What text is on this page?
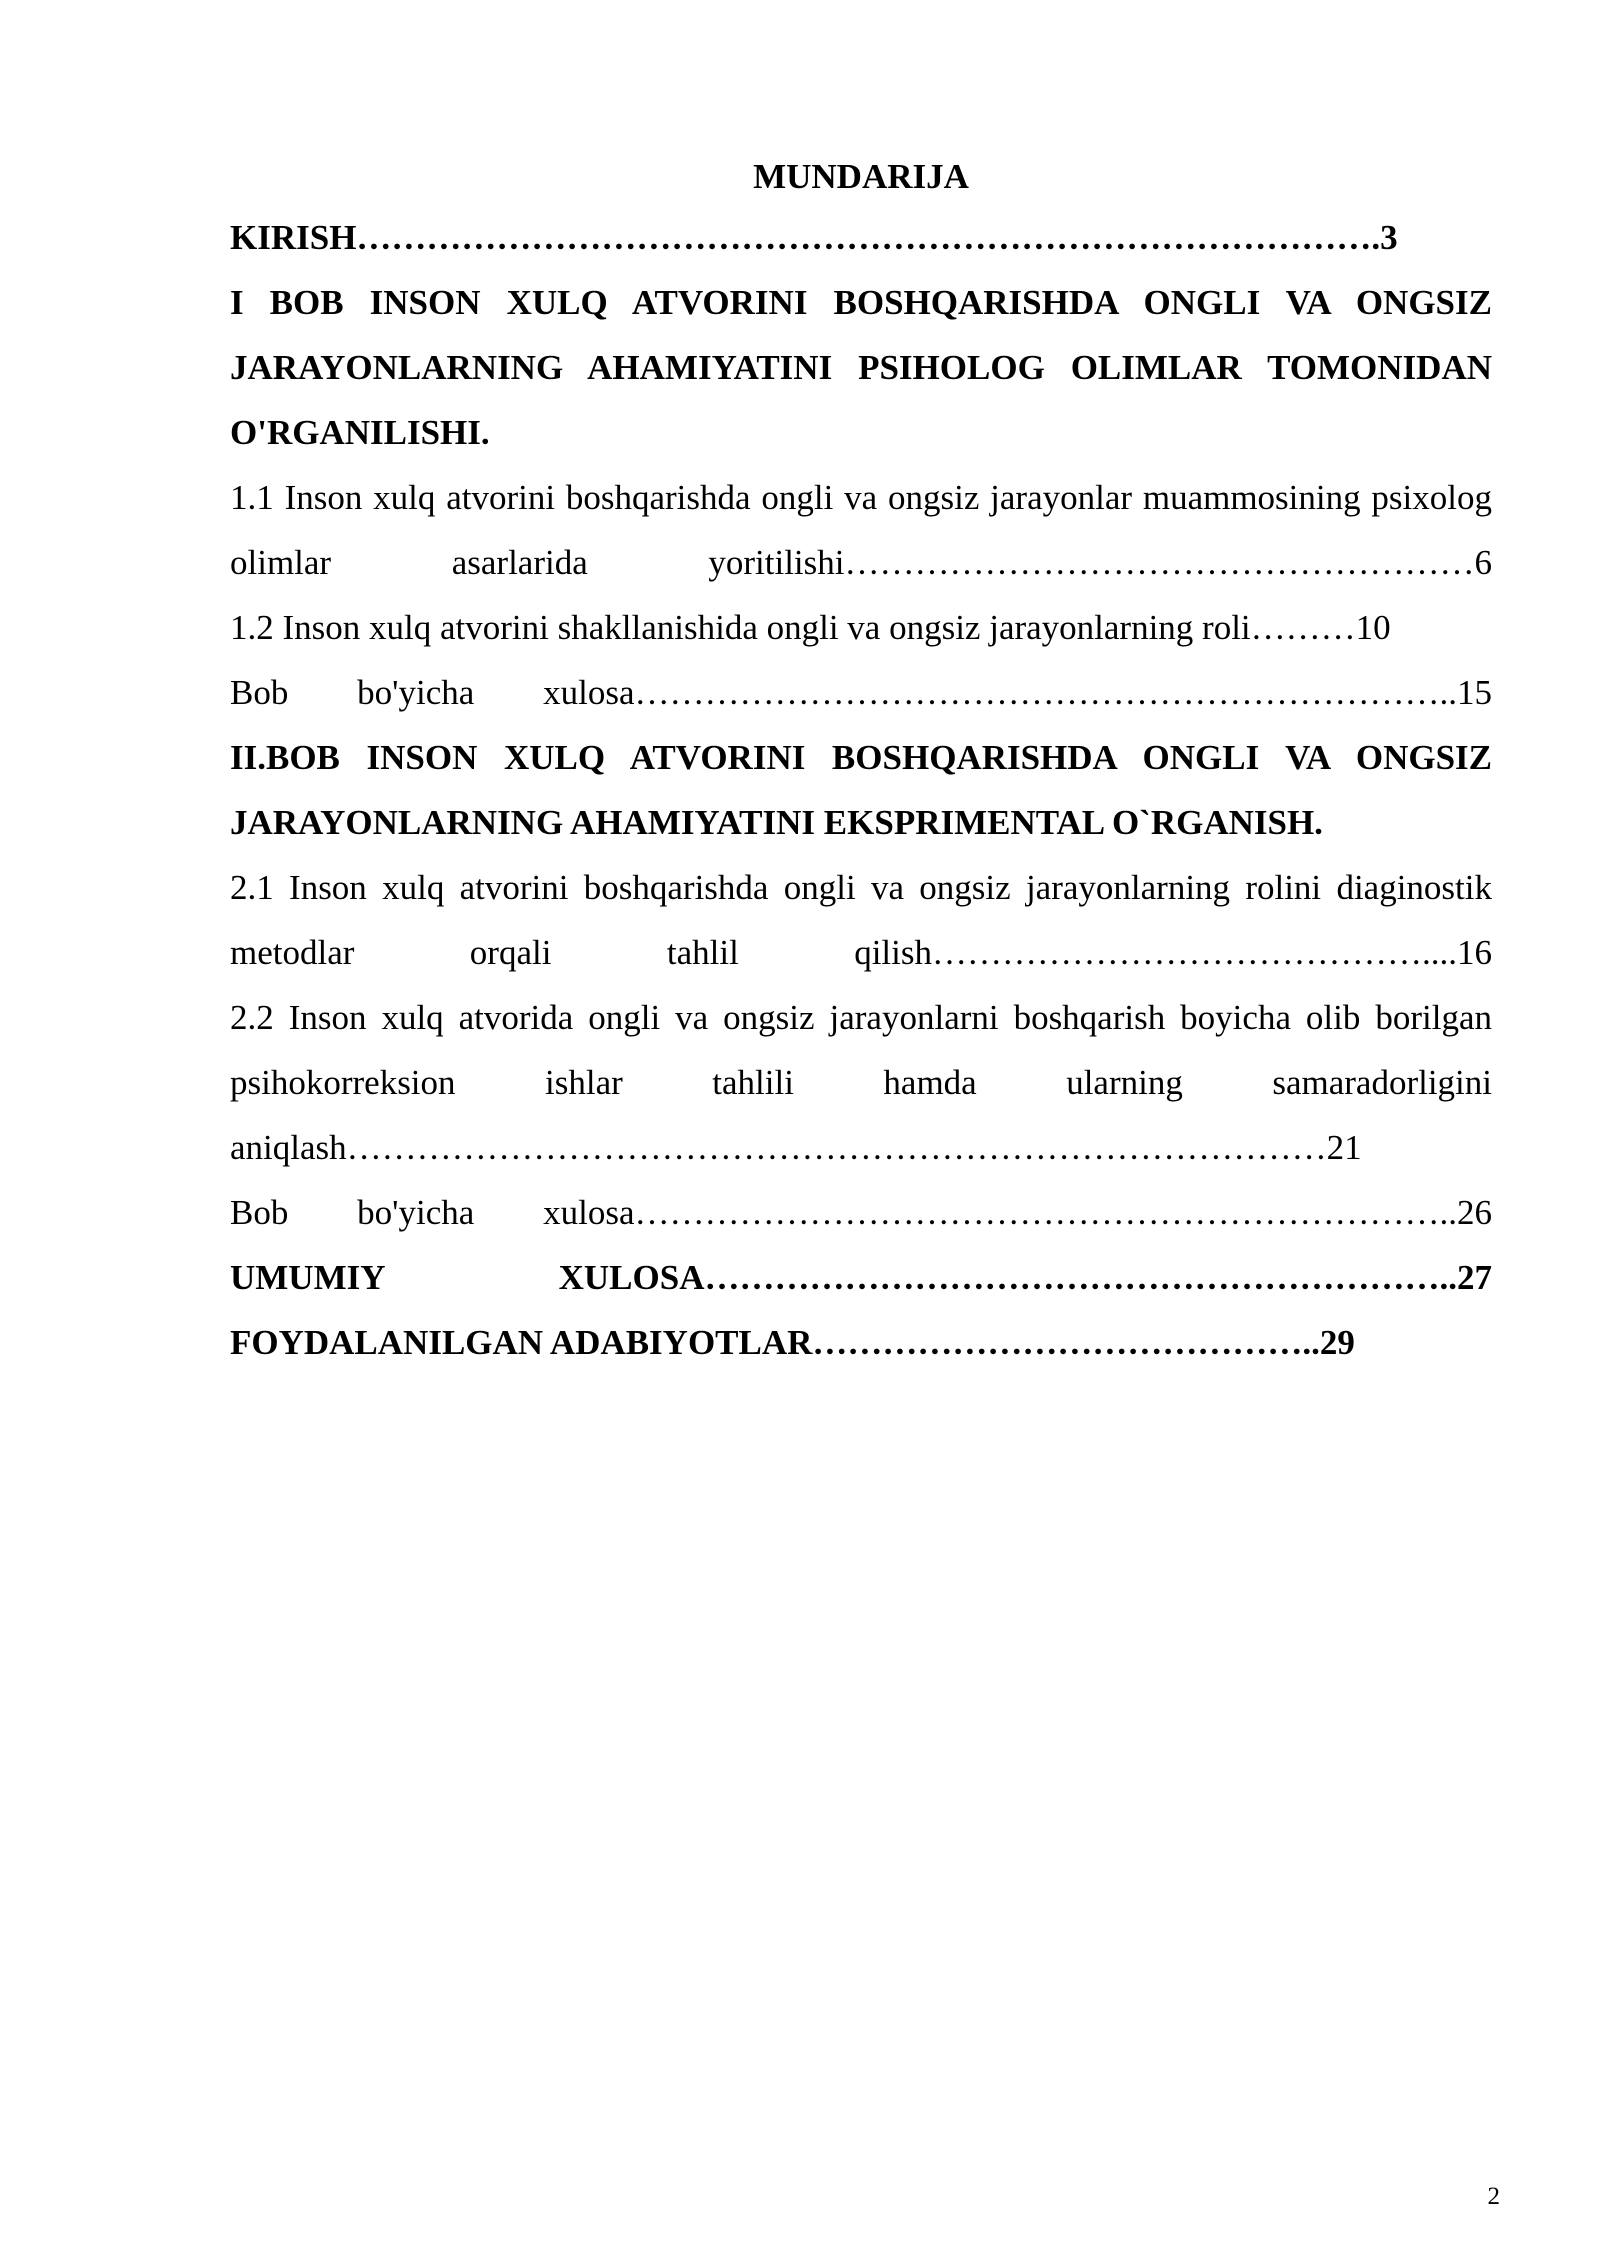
MUNDARIJA

KIRISH…………………………………………………………………………….3

I BOB INSON XULQ ATVORINI BOSHQARISHDA ONGLI VA ONGSIZ JARAYONLARNING AHAMIYATINI PSIHOLOG OLIMLAR TOMONIDAN O'RGANILISHI.

1.1 Inson xulq atvorini boshqarishda ongli va ongsiz jarayonlar muammosining psixolog olimlar asarlarida yoritilishi………………………………………………6

1.2 Inson xulq atvorini shakllanishida ongli va ongsiz jarayonlarning roli………10

Bob bo'yicha xulosa……………………………………………………………..15

II.BOB INSON XULQ ATVORINI BOSHQARISHDA ONGLI VA ONGSIZ JARAYONLARNING AHAMIYATINI EKSPRIMENTAL O`RGANISH.

2.1 Inson xulq atvorini boshqarishda ongli va ongsiz jarayonlarning rolini diaginostik metodlar orqali tahlil qilish……………………………………....16

2.2 Inson xulq atvorida ongli va ongsiz jarayonlarni boshqarish boyicha olib borilgan psihokorreksion ishlar tahlili hamda ularning samaradorligini aniqlash…………………………………………………………………………21

Bob bo'yicha xulosa……………………………………………………………..26

UMUMIY XULOSA………………………………………………………..27

FOYDALANILGAN ADABIYOTLAR……………………………………..29

2
